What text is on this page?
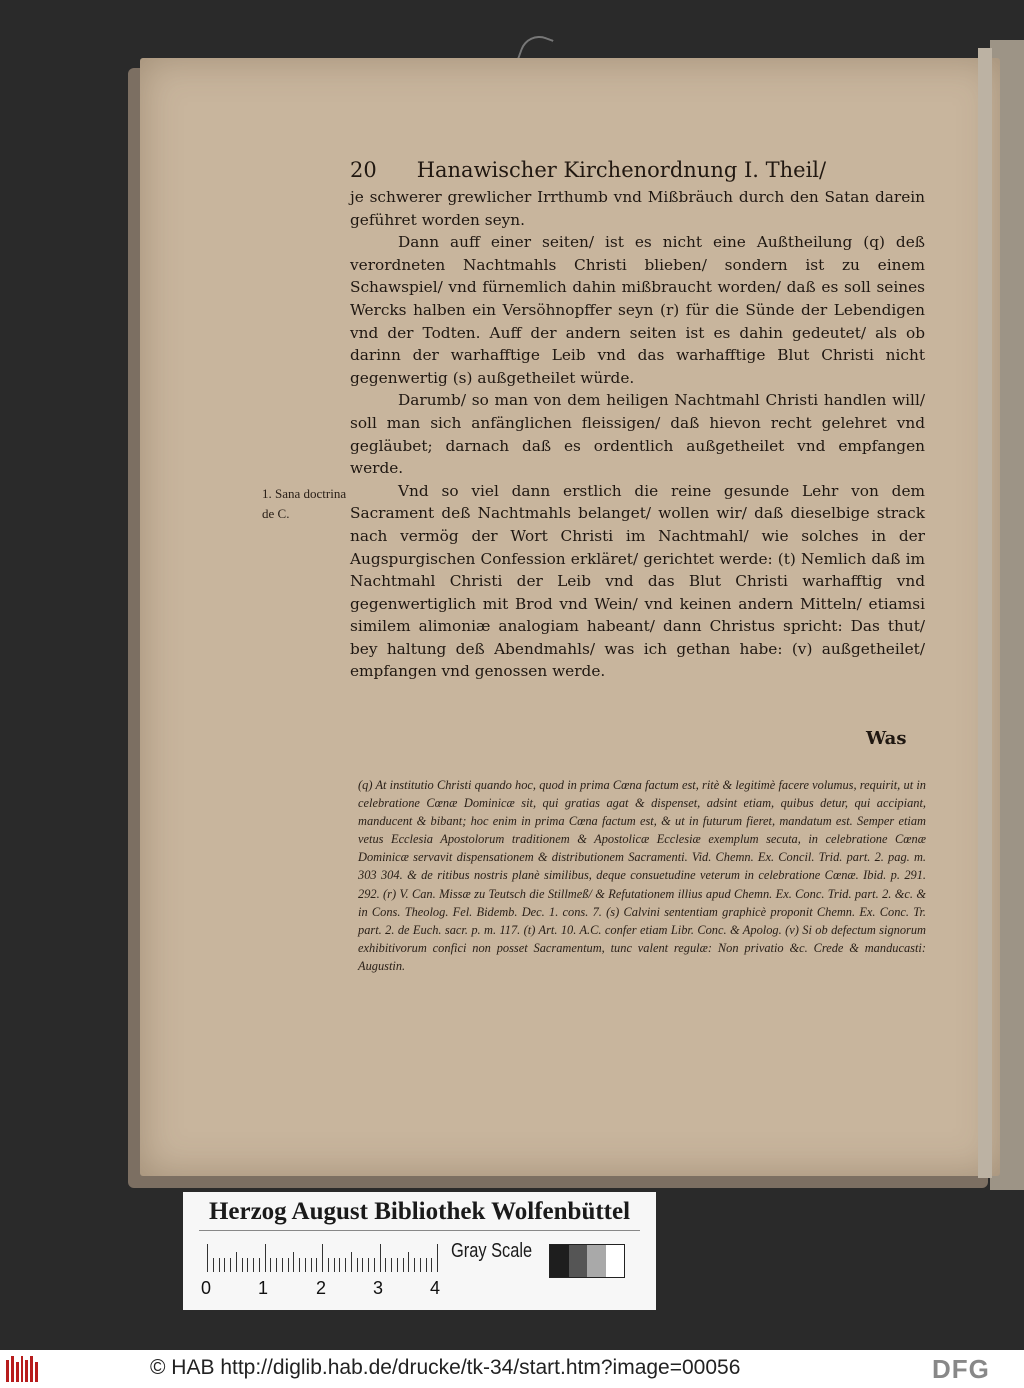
20 Hanawischer Kirchenordnung I. Theil/

je schwerer grewlicher Irrthumb vnd Mißbräuch durch den Satan darein geführet worden seyn.

Dann auff einer seiten/ ist es nicht eine Außtheilung (q) deß verordneten Nachtmahls Christi blieben/ sondern ist zu einem Schawspiel/ vnd fürnemlich dahin mißbraucht worden/ daß es soll seines Wercks halben ein Versöhnopffer seyn (r) für die Sünde der Lebendigen vnd der Todten. Auff der andern seiten ist es dahin gedeutet/ als ob darinn der warhafftige Leib vnd das warhafftige Blut Christi nicht gegenwertig (s) außgetheilet würde.

Darumb/ so man von dem heiligen Nachtmahl Christi handlen will/ soll man sich anfänglichen fleissigen/ daß hievon recht gelehret vnd gegläubet; darnach daß es ordentlich außgetheilet vnd empfangen werde.

Vnd so viel dann erstlich die reine gesunde Lehr von dem Sacrament deß Nachtmahls belanget/ wollen wir/ daß dieselbige strack nach vermög der Wort Christi im Nachtmahl/ wie solches in der Augspurgischen Confession erkläret/ gerichtet werde: (t) Nemlich daß im Nachtmahl Christi der Leib vnd das Blut Christi warhafftig vnd gegenwertiglich mit Brod vnd Wein/ vnd keinen andern Mitteln/ etiamsi similem alimoniæ analogiam habeant/ dann Christus spricht: Das thut/ bey haltung deß Abendmahls/ was ich gethan habe: (v) außgetheilet/ empfangen vnd genossen werde.

1. Sana doctrina de C.
Was

(q) At institutio Christi quando hoc, quod in prima Cœna factum est, ritè & legitimè facere volumus, requirit, ut in celebratione Cœnæ Dominicæ sit, qui gratias agat & dispenset, adsint etiam, quibus detur, qui accipiant, manducent & bibant; hoc enim in prima Cœna factum est, & ut in futurum fieret, mandatum est. Semper etiam vetus Ecclesia Apostolorum traditionem & Apostolicæ Ecclesiæ exemplum secuta, in celebratione Cœnæ Dominicæ servavit dispensationem & distributionem Sacramenti. Vid. Chemn. Ex. Concil. Trid. part. 2. pag. m. 303 304. & de ritibus nostris planè similibus, deque consuetudine veterum in celebratione Cœnæ. Ibid. p. 291. 292. (r) V. Can. Missæ zu Teutsch die Stillmeß/ & Refutationem illius apud Chemn. Ex. Conc. Trid. part. 2. &c. & in Cons. Theolog. Fel. Bidemb. Dec. 1. cons. 7. (s) Calvini sententiam graphicè proponit Chemn. Ex. Conc. Tr. part. 2. de Euch. sacr. p. m. 117. (t) Art. 10. A.C. confer etiam Libr. Conc. & Apolog. (v) Si ob defectum signorum exhibitivorum confici non posset Sacramentum, tunc valent regulæ: Non privatio &c. Crede & manducasti: Augustin.

Herzog August Bibliothek Wolfenbüttel
0	1	2	3	4
Gray Scale
© HAB http://diglib.hab.de/drucke/tk-34/start.htm?image=00056	DFG
